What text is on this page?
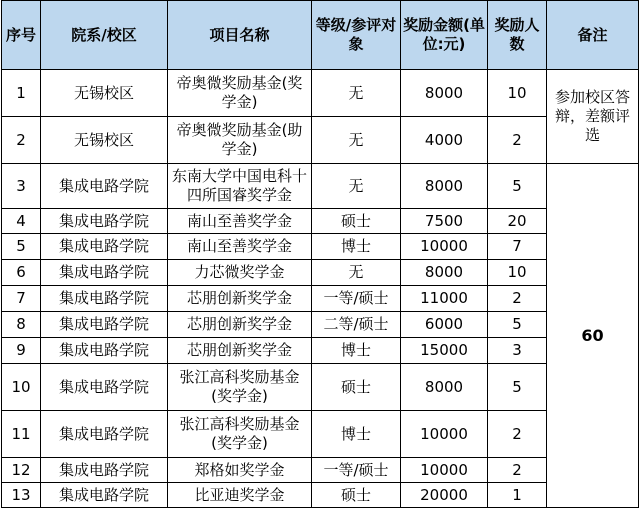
序号	院系/校区	项目名称	等级/参评对象	奖励金额(单位:元)	奖励人数	备注
1	无锡校区	帝奥微奖励基金(奖学金)	无	8000	10	参加校区答辩，差额评选
2	无锡校区	帝奥微奖励基金(助学金)	无	4000	2	
3	集成电路学院	东南大学中国电科十四所国睿奖学金	无	8000	5	60
4	集成电路学院	南山至善奖学金	硕士	7500	20	
5	集成电路学院	南山至善奖学金	博士	10000	7	
6	集成电路学院	力芯微奖学金	无	8000	10	
7	集成电路学院	芯朋创新奖学金	一等/硕士	11000	2	
8	集成电路学院	芯朋创新奖学金	二等/硕士	6000	5	
9	集成电路学院	芯朋创新奖学金	博士	15000	3	
10	集成电路学院	张江高科奖励基金(奖学金)	硕士	8000	5	
11	集成电路学院	张江高科奖励基金(奖学金)	博士	10000	2	
12	集成电路学院	郑格如奖学金	一等/硕士	10000	2	
13	集成电路学院	比亚迪奖学金	硕士	20000	1	
